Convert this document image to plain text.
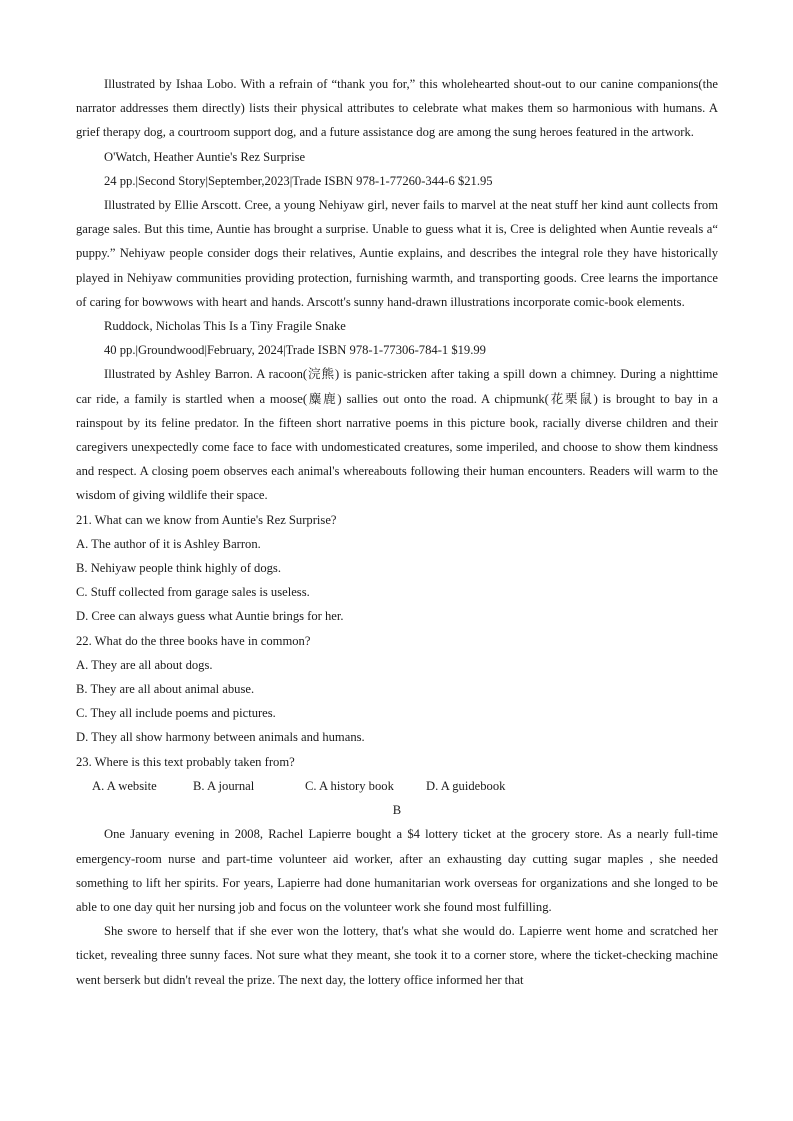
Illustrated by Ishaa Lobo. With a refrain of “thank you for,” this wholehearted shout-out to our canine companions(the narrator addresses them directly) lists their physical attributes to celebrate what makes them so harmonious with humans. A grief therapy dog, a courtroom support dog, and a future assistance dog are among the sung heroes featured in the artwork.

O'Watch, Heather Auntie's Rez Surprise

24 pp.|Second Story|September,2023|Trade ISBN 978-1-77260-344-6 $21.95

Illustrated by Ellie Arscott. Cree, a young Nehiyaw girl, never fails to marvel at the neat stuff her kind aunt collects from garage sales. But this time, Auntie has brought a surprise. Unable to guess what it is, Cree is delighted when Auntie reveals a“ puppy.” Nehiyaw people consider dogs their relatives, Auntie explains, and describes the integral role they have historically played in Nehiyaw communities providing protection, furnishing warmth, and transporting goods. Cree learns the importance of caring for bowwows with heart and hands. Arscott's sunny hand-drawn illustrations incorporate comic-book elements.

Ruddock, Nicholas This Is a Tiny Fragile Snake

40 pp.|Groundwood|February, 2024|Trade ISBN 978-1-77306-784-1 $19.99

Illustrated by Ashley Barron. A racoon(浣熊) is panic-stricken after taking a spill down a chimney. During a nighttime car ride, a family is startled when a moose(麋鹿) sallies out onto the road. A chipmunk(花栗鼠) is brought to bay in a rainspout by its feline predator. In the fifteen short narrative poems in this picture book, racially diverse children and their caregivers unexpectedly come face to face with undomesticated creatures, some imperiled, and choose to show them kindness and respect. A closing poem observes each animal's whereabouts following their human encounters. Readers will warm to the wisdom of giving wildlife their space.

21. What can we know from Auntie's Rez Surprise?

A. The author of it is Ashley Barron.

B. Nehiyaw people think highly of dogs.

C. Stuff collected from garage sales is useless.

D. Cree can always guess what Auntie brings for her.

22. What do the three books have in common?

A. They are all about dogs.

B. They are all about animal abuse.

C. They all include poems and pictures.

D. They all show harmony between animals and humans.

23. Where is this text probably taken from?

A. A website	B. A journal	C. A history book	D. A guidebook

B

One January evening in 2008, Rachel Lapierre bought a $4 lottery ticket at the grocery store. As a nearly full-time emergency-room nurse and part-time volunteer aid worker, after an exhausting day cutting sugar maples , she needed something to lift her spirits. For years, Lapierre had done humanitarian work overseas for organizations and she longed to be able to one day quit her nursing job and focus on the volunteer work she found most fulfilling.

She swore to herself that if she ever won the lottery, that's what she would do. Lapierre went home and scratched her ticket, revealing three sunny faces. Not sure what they meant, she took it to a corner store, where the ticket-checking machine went berserk but didn't reveal the prize. The next day, the lottery office informed her that
